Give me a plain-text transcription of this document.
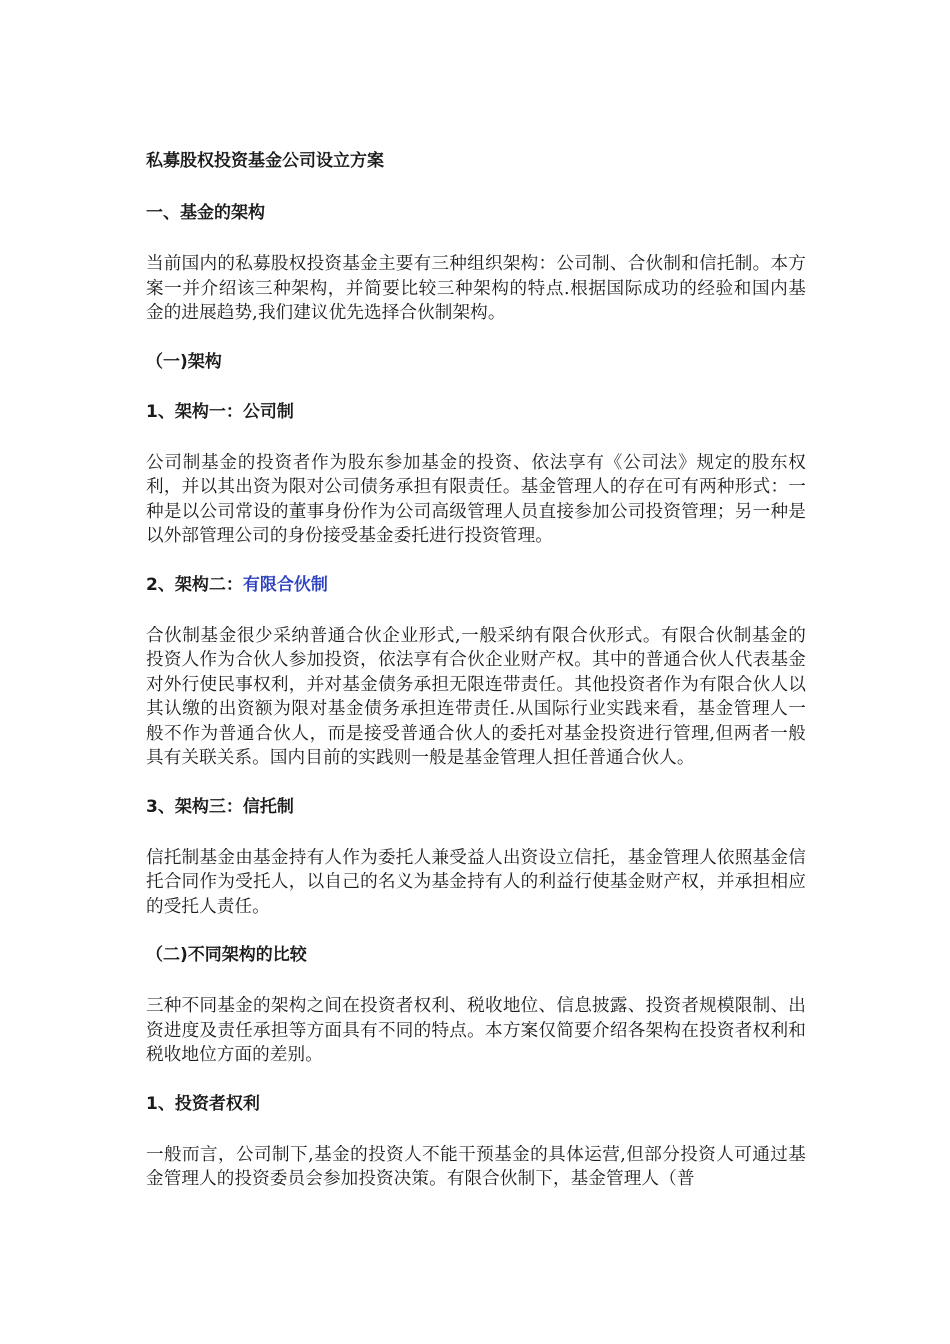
私募股权投资基金公司设立方案

一、基金的架构

当前国内的私募股权投资基金主要有三种组织架构：公司制、合伙制和信托制。本方案一并介绍该三种架构，并简要比较三种架构的特点.根据国际成功的经验和国内基金的进展趋势,我们建议优先选择合伙制架构。

（一)架构

1、架构一：公司制

公司制基金的投资者作为股东参加基金的投资、依法享有《公司法》规定的股东权利，并以其出资为限对公司债务承担有限责任。基金管理人的存在可有两种形式：一种是以公司常设的董事身份作为公司高级管理人员直接参加公司投资管理；另一种是以外部管理公司的身份接受基金委托进行投资管理。

2、架构二：有限合伙制

合伙制基金很少采纳普通合伙企业形式,一般采纳有限合伙形式。有限合伙制基金的投资人作为合伙人参加投资，依法享有合伙企业财产权。其中的普通合伙人代表基金对外行使民事权利，并对基金债务承担无限连带责任。其他投资者作为有限合伙人以其认缴的出资额为限对基金债务承担连带责任.从国际行业实践来看，基金管理人一般不作为普通合伙人，而是接受普通合伙人的委托对基金投资进行管理,但两者一般具有关联关系。国内目前的实践则一般是基金管理人担任普通合伙人。

3、架构三：信托制

信托制基金由基金持有人作为委托人兼受益人出资设立信托，基金管理人依照基金信托合同作为受托人，以自己的名义为基金持有人的利益行使基金财产权，并承担相应的受托人责任。

（二)不同架构的比较

三种不同基金的架构之间在投资者权利、税收地位、信息披露、投资者规模限制、出资进度及责任承担等方面具有不同的特点。本方案仅简要介绍各架构在投资者权利和税收地位方面的差别。

1、投资者权利

一般而言，公司制下,基金的投资人不能干预基金的具体运营,但部分投资人可通过基金管理人的投资委员会参加投资决策。有限合伙制下，基金管理人（普
